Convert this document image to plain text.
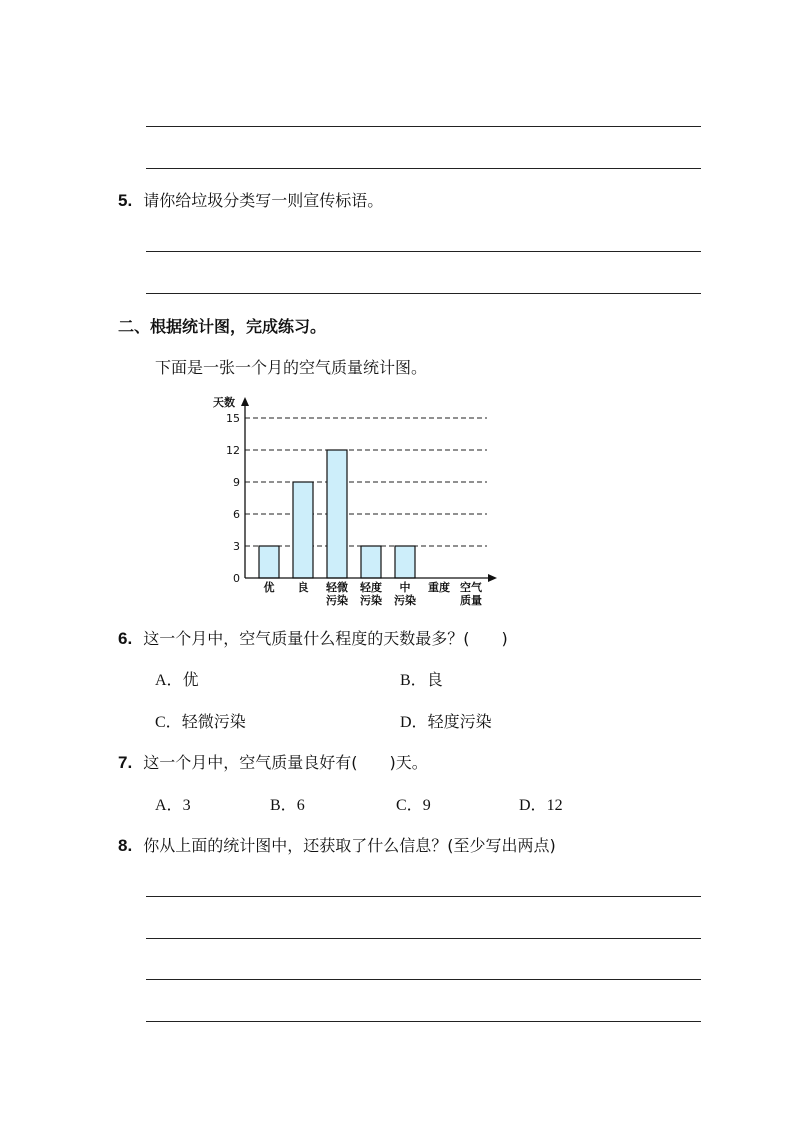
5. 请你给垃圾分类写一则宣传标语。
二、根据统计图，完成练习。
下面是一张一个月的空气质量统计图。
0
3
6
9
12
15
天数
优 良 轻微
污染
轻度
污染
中
污染
重度 空气
质量
6. 这一个月中，空气质量什么程度的天数最多？(　　)
A．优	B．良
C．轻微污染	D．轻度污染
7. 这一个月中，空气质量良好有(　　)天。
A．3	B．6	C．9	D．12
8. 你从上面的统计图中，还获取了什么信息？(至少写出两点)
